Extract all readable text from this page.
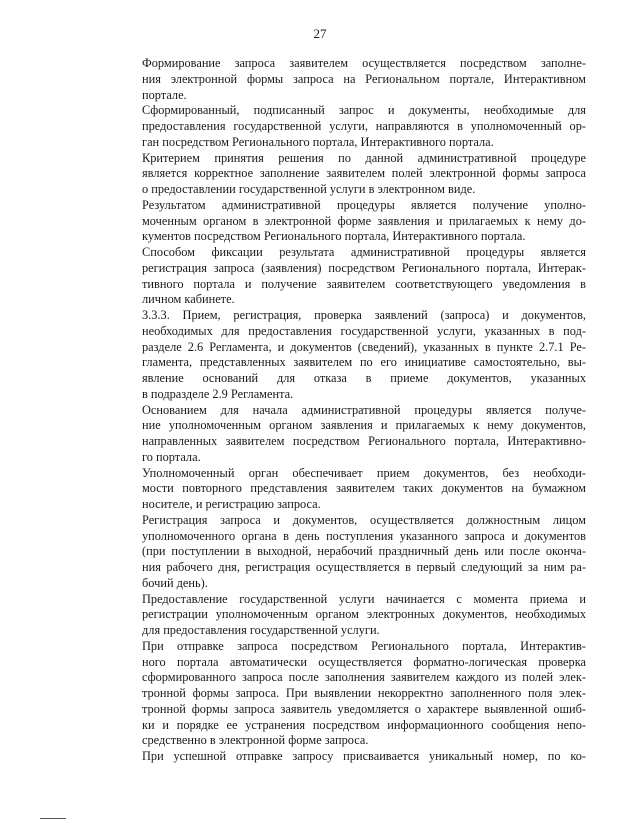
27

Формирование запроса заявителем осуществляется посредством заполне-
ния электронной формы запроса на Региональном портале, Интерактивном
портале.

Сформированный, подписанный запрос и документы, необходимые для
предоставления государственной услуги, направляются в уполномоченный ор-
ган посредством Регионального портала, Интерактивного портала.

Критерием принятия решения по данной административной процедуре
является корректное заполнение заявителем полей электронной формы запроса
о предоставлении государственной услуги в электронном виде.

Результатом административной процедуры является получение уполно-
моченным органом в электронной форме заявления и прилагаемых к нему до-
кументов посредством Регионального портала, Интерактивного портала.

Способом фиксации результата административной процедуры является
регистрация запроса (заявления) посредством Регионального портала, Интерак-
тивного портала и получение заявителем соответствующего уведомления в
личном кабинете.

3.3.3. Прием, регистрация, проверка заявлений (запроса) и документов,
необходимых для предоставления государственной услуги, указанных в под-
разделе 2.6 Регламента, и документов (сведений), указанных в пункте 2.7.1 Ре-
гламента, представленных заявителем по его инициативе самостоятельно, вы-
явление оснований для отказа в приеме документов, указанных
в подразделе 2.9 Регламента.

Основанием для начала административной процедуры является получе-
ние уполномоченным органом заявления и прилагаемых к нему документов,
направленных заявителем посредством Регионального портала, Интерактивно-
го портала.

Уполномоченный орган обеспечивает прием документов, без необходи-
мости повторного представления заявителем таких документов на бумажном
носителе, и регистрацию запроса.

Регистрация запроса и документов, осуществляется должностным лицом
уполномоченного органа в день поступления указанного запроса и документов
(при поступлении в выходной, нерабочий праздничный день или после оконча-
ния рабочего дня, регистрация осуществляется в первый следующий за ним ра-
бочий день).

Предоставление государственной услуги начинается с момента приема и
регистрации уполномоченным органом электронных документов, необходимых
для предоставления государственной услуги.

При отправке запроса посредством Регионального портала, Интерактив-
ного портала автоматически осуществляется форматно-логическая проверка
сформированного запроса после заполнения заявителем каждого из полей элек-
тронной формы запроса. При выявлении некорректно заполненного поля элек-
тронной формы запроса заявитель уведомляется о характере выявленной ошиб-
ки и порядке ее устранения посредством информационного сообщения непо-
средственно в электронной форме запроса.

При успешной отправке запросу присваивается уникальный номер, по ко-
